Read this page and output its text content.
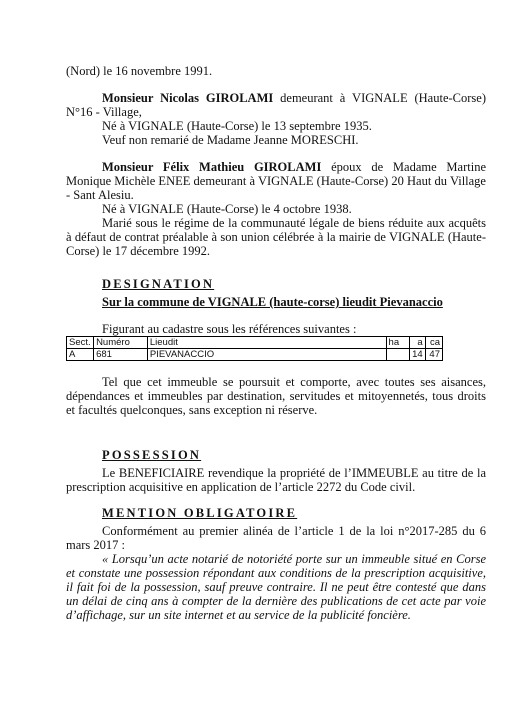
(Nord) le 16 novembre 1991.

Monsieur Nicolas GIROLAMI demeurant à VIGNALE (Haute-Corse) N°16 - Village,

Né à VIGNALE (Haute-Corse) le 13 septembre 1935.

Veuf non remarié de Madame Jeanne MORESCHI.

Monsieur Félix Mathieu GIROLAMI époux de Madame Martine Monique Michèle ENEE demeurant à VIGNALE (Haute-Corse) 20 Haut du Village - Sant Alesiu.

Né à VIGNALE (Haute-Corse) le 4 octobre 1938.

Marié sous le régime de la communauté légale de biens réduite aux acquêts à défaut de contrat préalable à son union célébrée à la mairie de VIGNALE (Haute-Corse) le 17 décembre 1992.

DESIGNATION

Sur la commune de VIGNALE (haute-corse) lieudit Pievanaccio

Figurant au cadastre sous les références suivantes :

Sect.	Numéro	Lieudit	ha	a	ca
A	681	PIEVANACCIO		14	47

Tel que cet immeuble se poursuit et comporte, avec toutes ses aisances, dépendances et immeubles par destination, servitudes et mitoyennetés, tous droits et facultés quelconques, sans exception ni réserve.

POSSESSION

Le BENEFICIAIRE revendique la propriété de l’IMMEUBLE au titre de la prescription acquisitive en application de l’article 2272 du Code civil.

MENTION OBLIGATOIRE

Conformément au premier alinéa de l’article 1 de la loi n°2017-285 du 6 mars 2017 :

« Lorsqu’un acte notarié de notoriété porte sur un immeuble situé en Corse et constate une possession répondant aux conditions de la prescription acquisitive, il fait foi de la possession, sauf preuve contraire. Il ne peut être contesté que dans un délai de cinq ans à compter de la dernière des publications de cet acte par voie d’affichage, sur un site internet et au service de la publicité foncière.
